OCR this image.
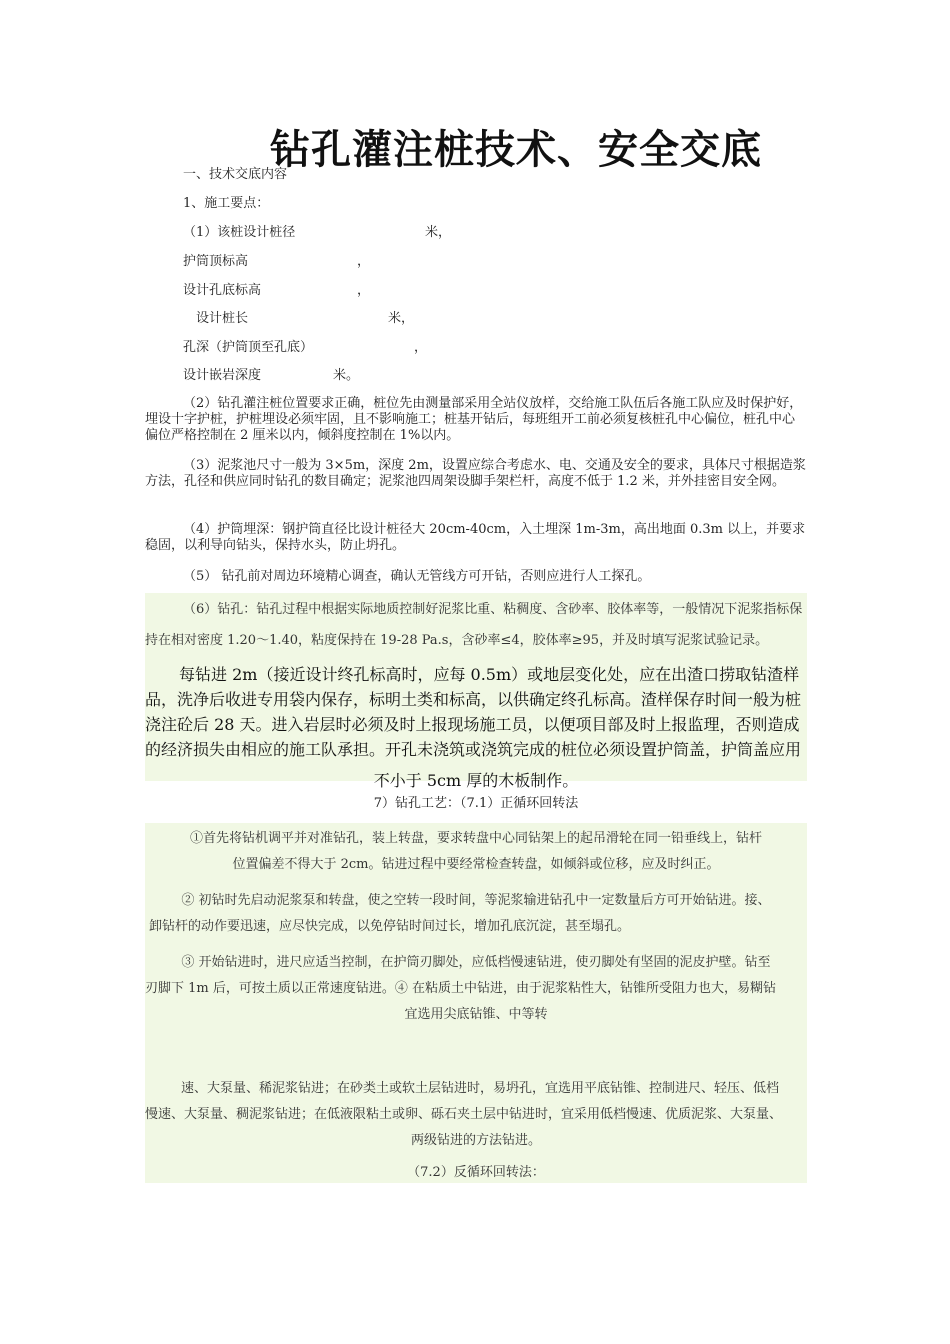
钻孔灌注桩技术、安全交底
一、技术交底内容
1、施工要点：
（1）该桩设计桩径	米，
护筒顶标高	，
设计孔底标高	，
设计桩长	米，
孔深（护筒顶至孔底）	，
设计嵌岩深度	米。

（2）钻孔灌注桩位置要求正确，桩位先由测量部采用全站仪放样，交给施工队伍后各施工队应及时保护好，埋设十字护桩，护桩埋设必须牢固，且不影响施工；桩基开钻后，每班组开工前必须复核桩孔中心偏位，桩孔中心偏位严格控制在 2 厘米以内，倾斜度控制在 1%以内。

（3）泥浆池尺寸一般为 3×5m，深度 2m，设置应综合考虑水、电、交通及安全的要求，具体尺寸根据造浆方法，孔径和供应同时钻孔的数目确定；泥浆池四周架设脚手架栏杆，高度不低于 1.2 米，并外挂密目安全网。

（4）护筒埋深：钢护筒直径比设计桩径大 20cm-40cm，入土埋深 1m-3m，高出地面 0.3m 以上，并要求稳固，以利导向钻头，保持水头，防止坍孔。

（5） 钻孔前对周边环境精心调查，确认无管线方可开钻，否则应进行人工探孔。

（6）钻孔：钻孔过程中根据实际地质控制好泥浆比重、粘稠度、含砂率、胶体率等，一般情况下泥浆指标保持在相对密度 1.20～1.40，粘度保持在 19-28 Pa.s，含砂率≤4，胶体率≥95，并及时填写泥浆试验记录。

每钻进 2m（接近设计终孔标高时，应每 0.5m）或地层变化处，应在出渣口捞取钻渣样品，洗净后收进专用袋内保存，标明土类和标高，以供确定终孔标高。渣样保存时间一般为桩浇注砼后 28 天。进入岩层时必须及时上报现场施工员，以便项目部及时上报监理，否则造成的经济损失由相应的施工队承担。开孔未浇筑或浇筑完成的桩位必须设置护筒盖，护筒盖应用

不小于 5cm 厚的木板制作。

7）钻孔工艺：（7.1）正循环回转法

①首先将钻机调平并对准钻孔，装上转盘，要求转盘中心同钻架上的起吊滑轮在同一铅垂线上，钻杆

位置偏差不得大于 2cm。钻进过程中要经常检查转盘，如倾斜或位移，应及时纠正。

② 初钻时先启动泥浆泵和转盘，使之空转一段时间，等泥浆输进钻孔中一定数量后方可开始钻进。接、

卸钻杆的动作要迅速，应尽快完成，以免停钻时间过长，增加孔底沉淀，甚至塌孔。

③ 开始钻进时，进尺应适当控制，在护筒刃脚处，应低档慢速钻进，使刃脚处有坚固的泥皮护壁。钻至

刃脚下 1m 后，可按土质以正常速度钻进。④ 在粘质土中钻进，由于泥浆粘性大，钻锥所受阻力也大，易糊钻

宜选用尖底钻锥、中等转

速、大泵量、稀泥浆钻进；在砂类土或软土层钻进时，易坍孔，宜选用平底钻锥、控制进尺、轻压、低档

慢速、大泵量、稠泥浆钻进；在低液限粘土或卵、砾石夹土层中钻进时，宜采用低档慢速、优质泥浆、大泵量、

两级钻进的方法钻进。

（7.2）反循环回转法：
